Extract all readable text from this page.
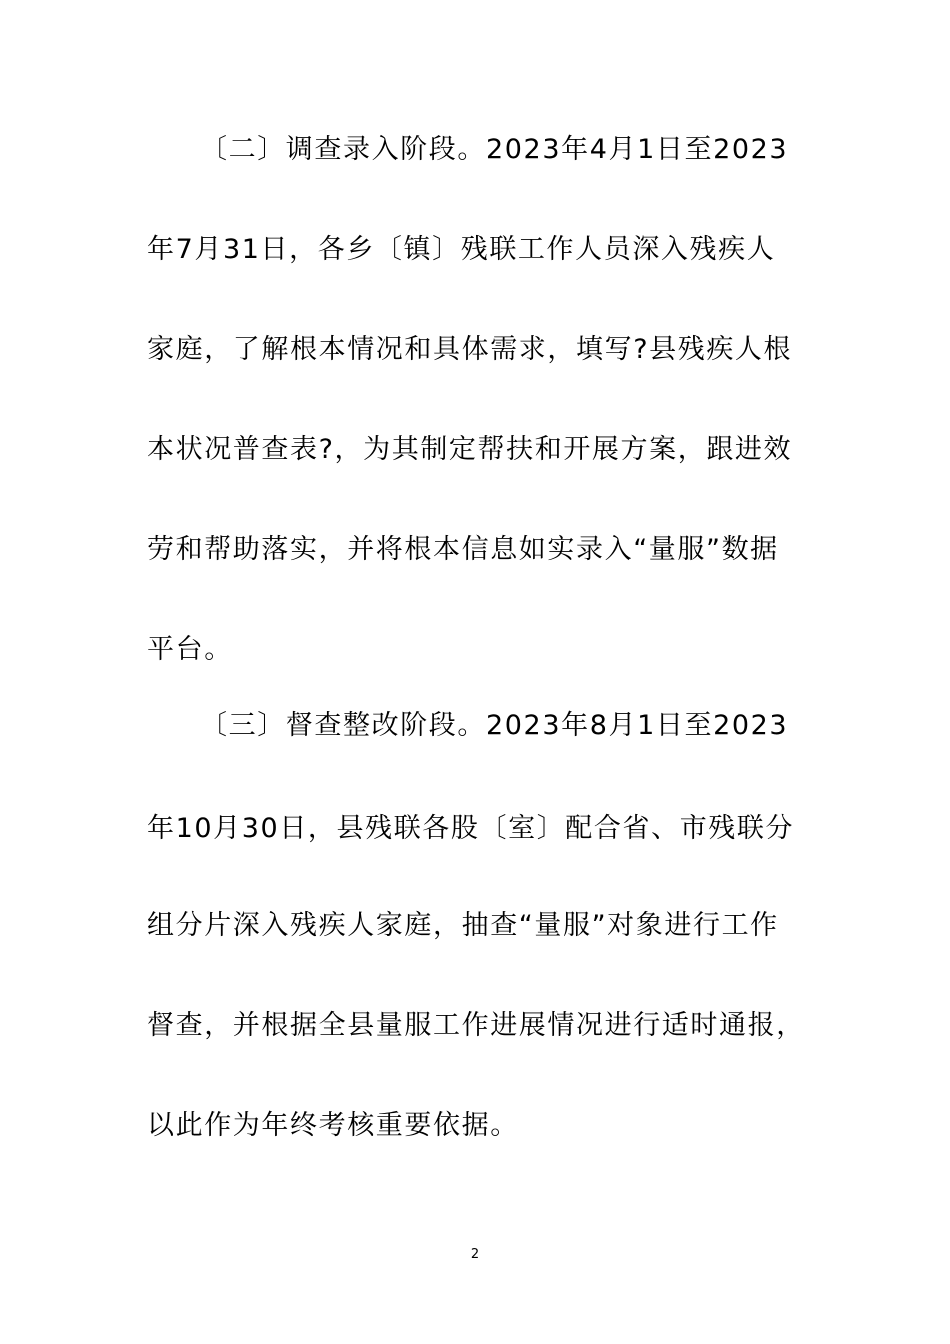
〔二〕调查录入阶段。2023年4月1日至2023
年7月31日，各乡〔镇〕残联工作人员深入残疾人
家庭，了解根本情况和具体需求，填写?县残疾人根
本状况普查表?，为其制定帮扶和开展方案，跟进效
劳和帮助落实，并将根本信息如实录入“量服”数据
平台。
〔三〕督查整改阶段。2023年8月1日至2023
年10月30日，县残联各股〔室〕配合省、市残联分
组分片深入残疾人家庭，抽查“量服”对象进行工作
督查，并根据全县量服工作进展情况进行适时通报，
以此作为年终考核重要依据。
2
